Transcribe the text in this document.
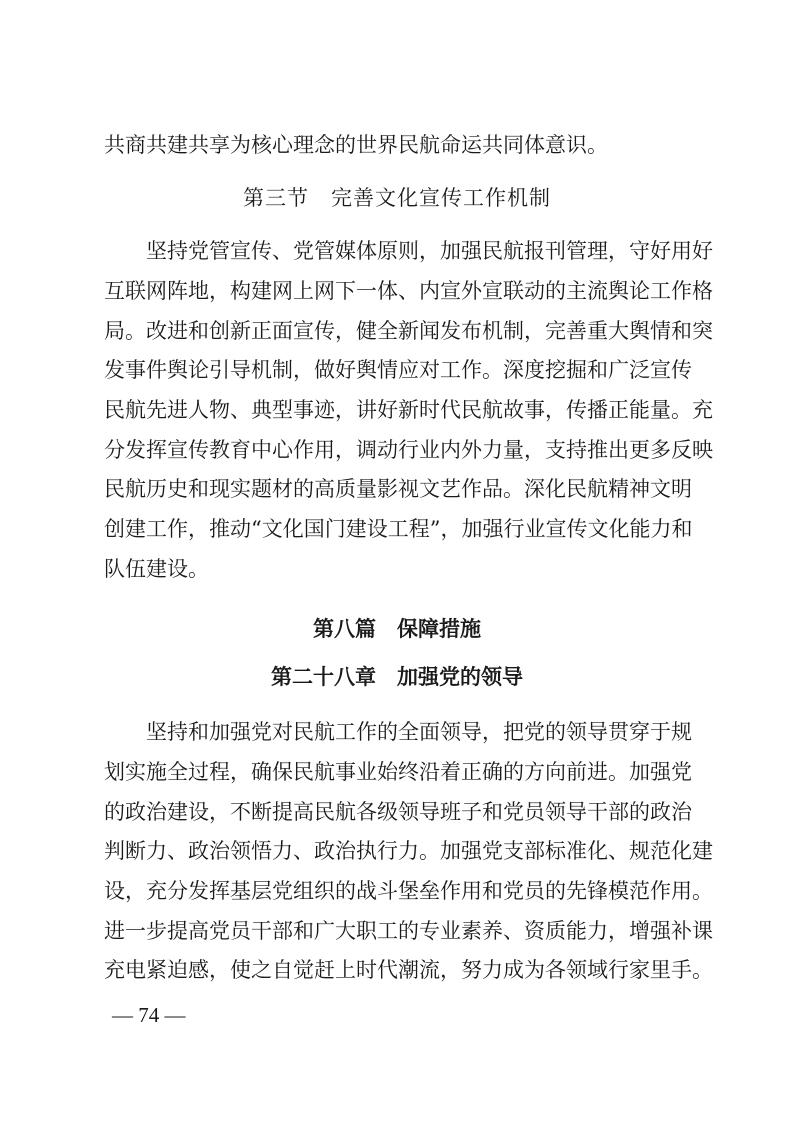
共商共建共享为核心理念的世界民航命运共同体意识。
第三节　完善文化宣传工作机制
坚持党管宣传、党管媒体原则，加强民航报刊管理，守好用好
互联网阵地，构建网上网下一体、内宣外宣联动的主流舆论工作格
局。改进和创新正面宣传，健全新闻发布机制，完善重大舆情和突
发事件舆论引导机制，做好舆情应对工作。深度挖掘和广泛宣传
民航先进人物、典型事迹，讲好新时代民航故事，传播正能量。充
分发挥宣传教育中心作用，调动行业内外力量，支持推出更多反映
民航历史和现实题材的高质量影视文艺作品。深化民航精神文明
创建工作，推动“文化国门建设工程”，加强行业宣传文化能力和
队伍建设。
第八篇　保障措施
第二十八章　加强党的领导
坚持和加强党对民航工作的全面领导，把党的领导贯穿于规
划实施全过程，确保民航事业始终沿着正确的方向前进。加强党
的政治建设，不断提高民航各级领导班子和党员领导干部的政治
判断力、政治领悟力、政治执行力。加强党支部标准化、规范化建
设，充分发挥基层党组织的战斗堡垒作用和党员的先锋模范作用。
进一步提高党员干部和广大职工的专业素养、资质能力，增强补课
充电紧迫感，使之自觉赶上时代潮流，努力成为各领域行家里手。
— 74 —
